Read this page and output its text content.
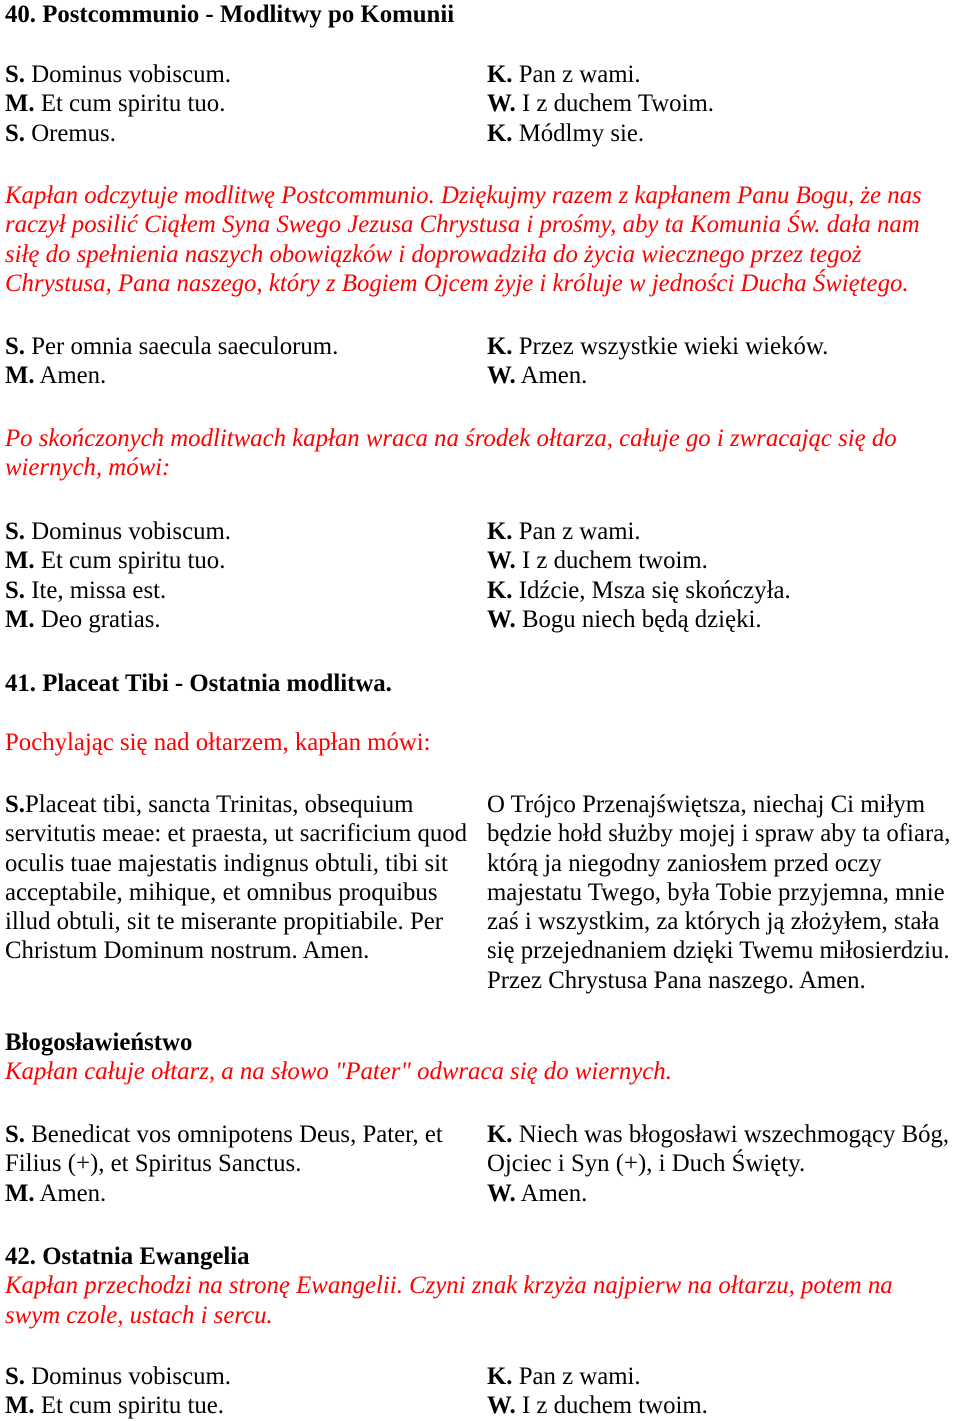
40. Postcommunio - Modlitwy po Komunii
S. Dominus vobiscum.	K. Pan z wami.
M. Et cum spiritu tuo.	W. I z duchem Twoim.
S. Oremus.	K. Módlmy sie.
Kapłan odczytuje modlitwę Postcommunio. Dziękujmy razem z kapłanem Panu Bogu, że nas
raczył posilić Ciąłem Syna Swego Jezusa Chrystusa i prośmy, aby ta Komunia Św. dała nam
siłę do spełnienia naszych obowiązków i doprowadziła do życia wiecznego przez tegoż
Chrystusa, Pana naszego, który z Bogiem Ojcem żyje i króluje w jedności Ducha Świętego.
S. Per omnia saecula saeculorum.	K. Przez wszystkie wieki wieków.
M. Amen.	W. Amen.
Po skończonych modlitwach kapłan wraca na środek ołtarza, całuje go i zwracając się do
wiernych, mówi:
S. Dominus vobiscum.	K. Pan z wami.
M. Et cum spiritu tuo.	W. I z duchem twoim.
S. Ite, missa est.	K. Idźcie, Msza się skończyła.
M. Deo gratias.	W. Bogu niech będą dzięki.
41. Placeat Tibi - Ostatnia modlitwa.
Pochylając się nad ołtarzem, kapłan mówi:
S.Placeat tibi, sancta Trinitas, obsequium
servitutis meae: et praesta, ut sacrificium quod
oculis tuae majestatis indignus obtuli, tibi sit
acceptabile, mihique, et omnibus proquibus
illud obtuli, sit te miserante propitiabile. Per
Christum Dominum nostrum. Amen.
O Trójco Przenajświętsza, niechaj Ci miłym
będzie hołd służby mojej i spraw aby ta ofiara,
którą ja niegodny zaniosłem przed oczy
majestatu Twego, była Tobie przyjemna, mnie
zaś i wszystkim, za których ją złożyłem, stała
się przejednaniem dzięki Twemu miłosierdziu.
Przez Chrystusa Pana naszego. Amen.
Błogosławieństwo
Kapłan całuje ołtarz, a na słowo "Pater" odwraca się do wiernych.
S. Benedicat vos omnipotens Deus, Pater, et	K. Niech was błogosławi wszechmogący Bóg,
Filius (+), et Spiritus Sanctus.	Ojciec i Syn (+), i Duch Święty.
M. Amen.	W. Amen.
42. Ostatnia Ewangelia
Kapłan przechodzi na stronę Ewangelii. Czyni znak krzyża najpierw na ołtarzu, potem na
swym czole, ustach i sercu.
S. Dominus vobiscum.	K. Pan z wami.
M. Et cum spiritu tue.	W. I z duchem twoim.
